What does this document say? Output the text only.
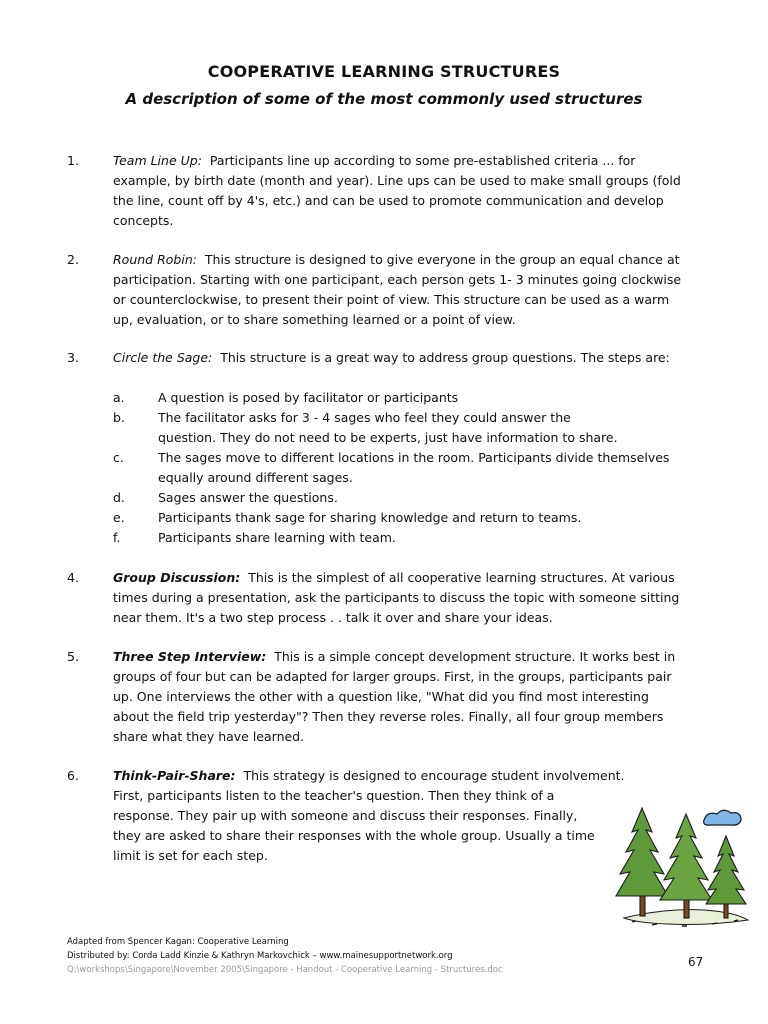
COOPERATIVE LEARNING STRUCTURES
A description of some of the most commonly used structures
1.	Team Line Up: Participants line up according to some pre-established criteria ... for
example, by birth date (month and year). Line ups can be used to make small groups (fold
the line, count off by 4's, etc.) and can be used to promote communication and develop
concepts.
2.	Round Robin: This structure is designed to give everyone in the group an equal chance at
participation. Starting with one participant, each person gets 1- 3 minutes going clockwise
or counterclockwise, to present their point of view. This structure can be used as a warm
up, evaluation, or to share something learned or a point of view.
3.	Circle the Sage: This structure is a great way to address group questions. The steps are:
a.	A question is posed by facilitator or participants
b.	The facilitator asks for 3 - 4 sages who feel they could answer the
question. They do not need to be experts, just have information to share.
c.	The sages move to different locations in the room. Participants divide themselves
equally around different sages.
d.	Sages answer the questions.
e.	Participants thank sage for sharing knowledge and return to teams.
f.	Participants share learning with team.
4.	Group Discussion: This is the simplest of all cooperative learning structures. At various
times during a presentation, ask the participants to discuss the topic with someone sitting
near them. It's a two step process . . talk it over and share your ideas.
5.	Three Step Interview: This is a simple concept development structure. It works best in
groups of four but can be adapted for larger groups. First, in the groups, participants pair
up. One interviews the other with a question like, "What did you find most interesting
about the field trip yesterday"? Then they reverse roles. Finally, all four group members
share what they have learned.
6.	Think-Pair-Share: This strategy is designed to encourage student involvement.
First, participants listen to the teacher's question. Then they think of a
response. They pair up with someone and discuss their responses. Finally,
they are asked to share their responses with the whole group. Usually a time
limit is set for each step.
Adapted from Spencer Kagan: Cooperative Learning
Distributed by: Corda Ladd Kinzie & Kathryn Markovchick – www.mainesupportnetwork.org
Q:\workshops\Singapore\November 2005\Singapore - Handout - Cooperative Learning - Structures.doc
67
